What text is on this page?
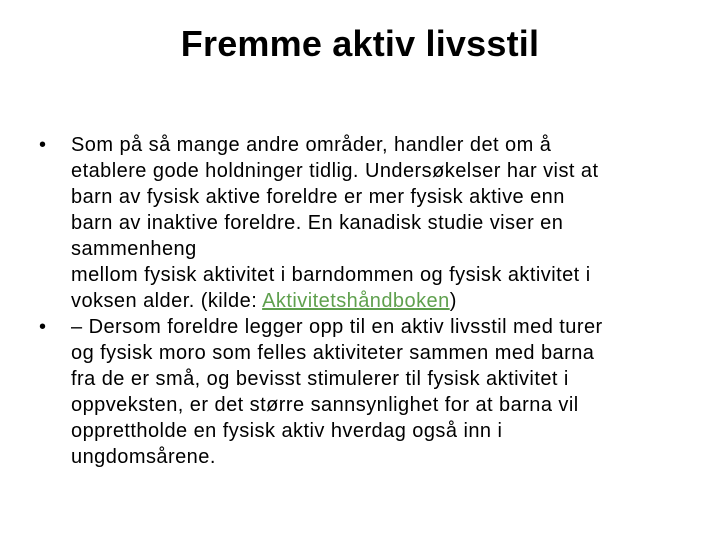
Fremme aktiv livsstil
•	Som på så mange andre områder, handler det om å
etablere gode holdninger tidlig. Undersøkelser har vist at
barn av fysisk aktive foreldre er mer fysisk aktive enn
barn av inaktive foreldre. En kanadisk studie viser en
sammenheng
mellom fysisk aktivitet i barndommen og fysisk aktivitet i
voksen alder. (kilde: Aktivitetshåndboken)
•	– Dersom foreldre legger opp til en aktiv livsstil med turer
og fysisk moro som felles aktiviteter sammen med barna
fra de er små, og bevisst stimulerer til fysisk aktivitet i
oppveksten, er det større sannsynlighet for at barna vil
opprettholde en fysisk aktiv hverdag også inn i
ungdomsårene.
